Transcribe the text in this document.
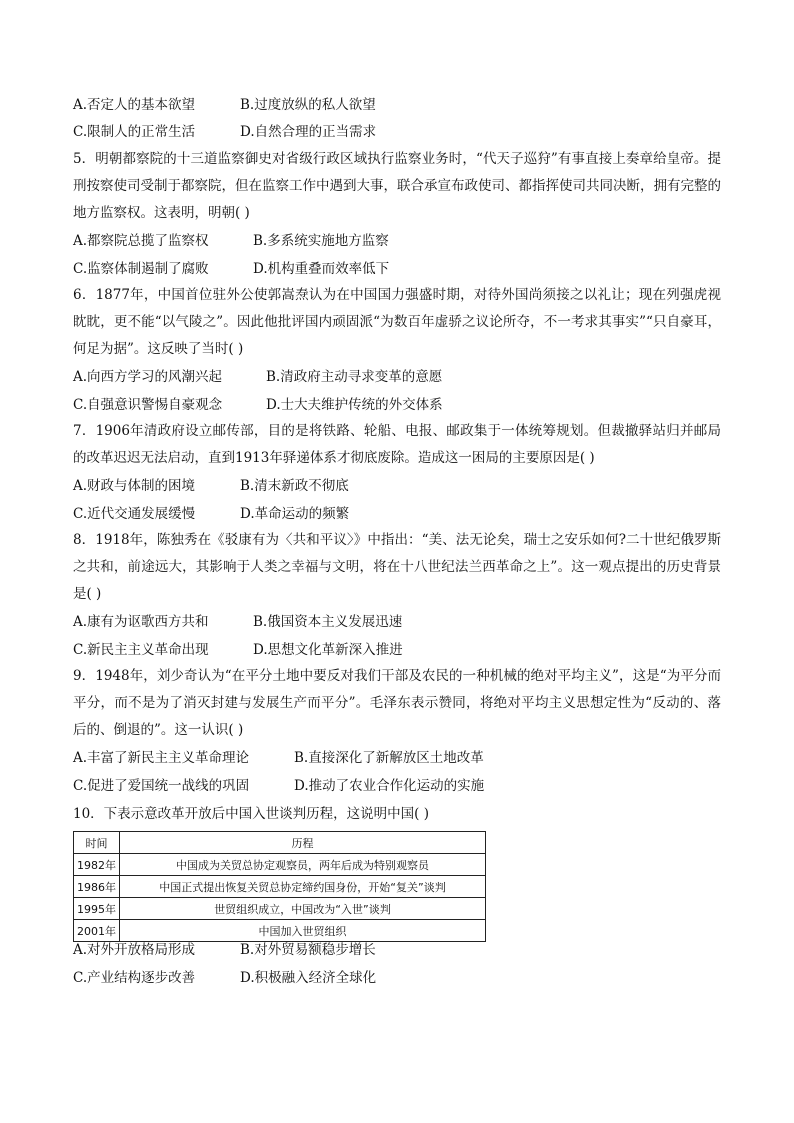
A.否定人的基本欲望	B.过度放纵的私人欲望
C.限制人的正常生活	D.自然合理的正当需求
5．明朝都察院的十三道监察御史对省级行政区域执行监察业务时，“代天子巡狩”有事直接上奏章给皇帝。提刑按察使司受制于都察院，但在监察工作中遇到大事，联合承宣布政使司、都指挥使司共同决断，拥有完整的地方监察权。这表明，明朝( )
A.都察院总揽了监察权	B.多系统实施地方监察
C.监察体制遏制了腐败	D.机构重叠而效率低下
6．1877年，中国首位驻外公使郭嵩焘认为在中国国力强盛时期，对待外国尚须接之以礼让；现在列强虎视眈眈，更不能“以气陵之”。因此他批评国内顽固派“为数百年虚骄之议论所夺，不一考求其事实”“只自豪耳，何足为据”。这反映了当时( )
A.向西方学习的风潮兴起	B.清政府主动寻求变革的意愿
C.自强意识警惕自豪观念	D.士大夫维护传统的外交体系
7．1906年清政府设立邮传部，目的是将铁路、轮船、电报、邮政集于一体统筹规划。但裁撤驿站归并邮局的改革迟迟无法启动，直到1913年驿递体系才彻底废除。造成这一困局的主要原因是( )
A.财政与体制的困境	B.清末新政不彻底
C.近代交通发展缓慢	D.革命运动的频繁
8．1918年，陈独秀在《驳康有为〈共和平议〉》中指出：“美、法无论矣，瑞士之安乐如何?二十世纪俄罗斯之共和，前途远大，其影响于人类之幸福与文明，将在十八世纪法兰西革命之上”。这一观点提出的历史背景是( )
A.康有为讴歌西方共和	B.俄国资本主义发展迅速
C.新民主主义革命出现	D.思想文化革新深入推进
9．1948年，刘少奇认为“在平分土地中要反对我们干部及农民的一种机械的绝对平均主义”，这是“为平分而平分，而不是为了消灭封建与发展生产而平分”。毛泽东表示赞同，将绝对平均主义思想定性为“反动的、落后的、倒退的”。这一认识( )
A.丰富了新民主主义革命理论	B.直接深化了新解放区土地改革
C.促进了爱国统一战线的巩固	D.推动了农业合作化运动的实施
10．下表示意改革开放后中国入世谈判历程，这说明中国( )
时间	历程
1982年	中国成为关贸总协定观察员，两年后成为特别观察员
1986年	中国正式提出恢复关贸总协定缔约国身份，开始“复关”谈判
1995年	世贸组织成立，中国改为“入世”谈判
2001年	中国加入世贸组织
A.对外开放格局形成	B.对外贸易额稳步增长
C.产业结构逐步改善	D.积极融入经济全球化
